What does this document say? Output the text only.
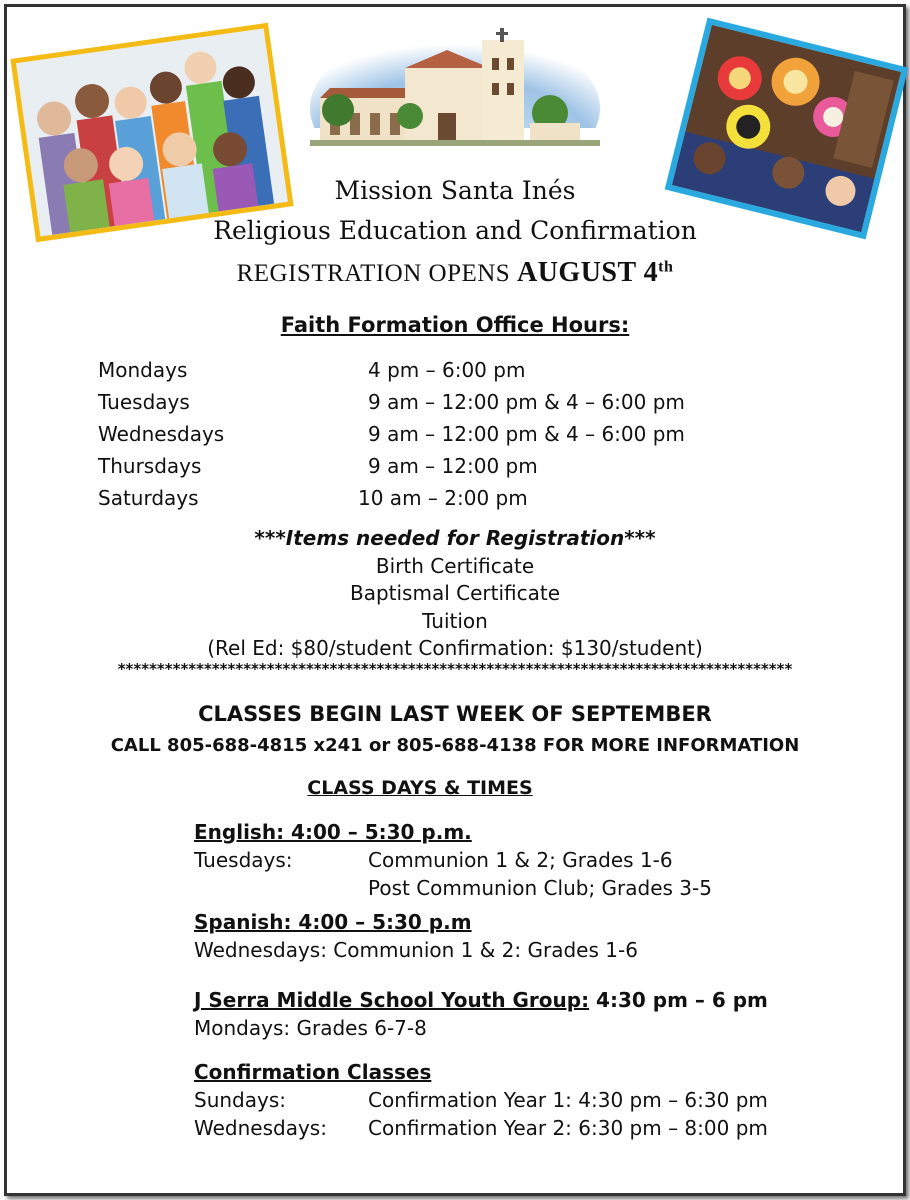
Mission Santa Inés
Religious Education and Confirmation
REGISTRATION OPENS AUGUST 4th
Faith Formation Office Hours:
Mondays	4 pm – 6:00 pm
Tuesdays	9 am – 12:00 pm & 4 – 6:00 pm
Wednesdays	9 am – 12:00 pm & 4 – 6:00 pm
Thursdays	9 am – 12:00 pm
Saturdays	10 am – 2:00 pm
***Items needed for Registration***
Birth Certificate
Baptismal Certificate
Tuition
(Rel Ed: $80/student Confirmation: $130/student)
**************************************************************************************
CLASSES BEGIN LAST WEEK OF SEPTEMBER
CALL 805-688-4815 x241 or 805-688-4138 FOR MORE INFORMATION
CLASS DAYS & TIMES
English: 4:00 – 5:30 p.m.
Tuesdays:	Communion 1 & 2; Grades 1-6
Post Communion Club; Grades 3-5
Spanish: 4:00 – 5:30 p.m
Wednesdays: Communion 1 & 2: Grades 1-6
J Serra Middle School Youth Group: 4:30 pm – 6 pm
Mondays: Grades 6-7-8
Confirmation Classes
Sundays:	Confirmation Year 1: 4:30 pm – 6:30 pm
Wednesdays: Confirmation Year 2: 6:30 pm – 8:00 pm
